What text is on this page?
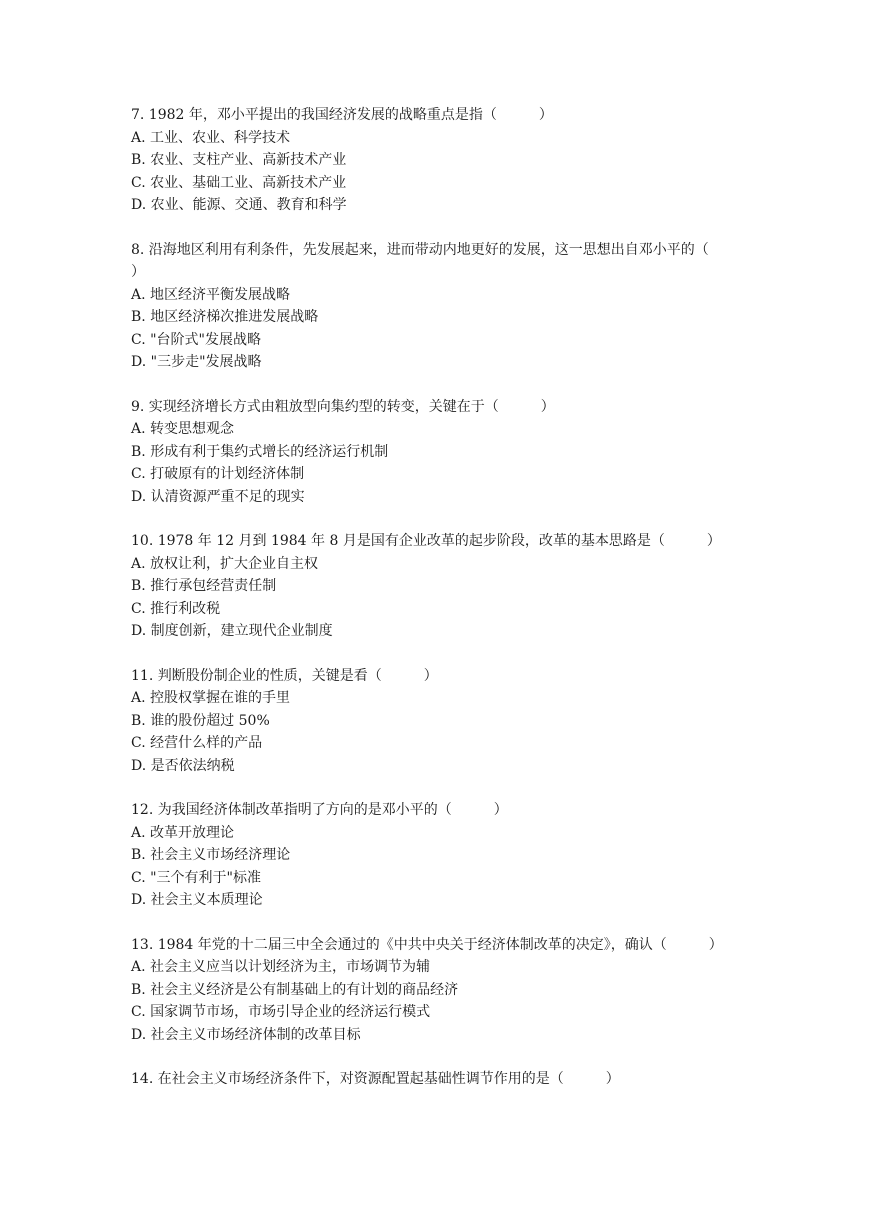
7. 1982 年，邓小平提出的我国经济发展的战略重点是指（　　　）

A. 工业、农业、科学技术

B. 农业、支柱产业、高新技术产业

C. 农业、基础工业、高新技术产业

D. 农业、能源、交通、教育和科学

8. 沿海地区利用有利条件，先发展起来，进而带动内地更好的发展，这一思想出自邓小平的（　　　）

A. 地区经济平衡发展战略

B. 地区经济梯次推进发展战略

C. "台阶式"发展战略

D. "三步走"发展战略

9. 实现经济增长方式由粗放型向集约型的转变，关键在于（　　　）

A. 转变思想观念

B. 形成有利于集约式增长的经济运行机制

C. 打破原有的计划经济体制

D. 认清资源严重不足的现实

10. 1978 年 12 月到 1984 年 8 月是国有企业改革的起步阶段，改革的基本思路是（　　　）

A. 放权让利，扩大企业自主权

B. 推行承包经营责任制

C. 推行利改税

D. 制度创新，建立现代企业制度

11. 判断股份制企业的性质，关键是看（　　　）

A. 控股权掌握在谁的手里

B. 谁的股份超过 50%

C. 经营什么样的产品

D. 是否依法纳税

12. 为我国经济体制改革指明了方向的是邓小平的（　　　）

A. 改革开放理论

B. 社会主义市场经济理论

C. "三个有利于"标准

D. 社会主义本质理论

13. 1984 年党的十二届三中全会通过的《中共中央关于经济体制改革的决定》，确认（　　　）

A. 社会主义应当以计划经济为主，市场调节为辅

B. 社会主义经济是公有制基础上的有计划的商品经济

C. 国家调节市场，市场引导企业的经济运行模式

D. 社会主义市场经济体制的改革目标

14. 在社会主义市场经济条件下，对资源配置起基础性调节作用的是（　　　）
